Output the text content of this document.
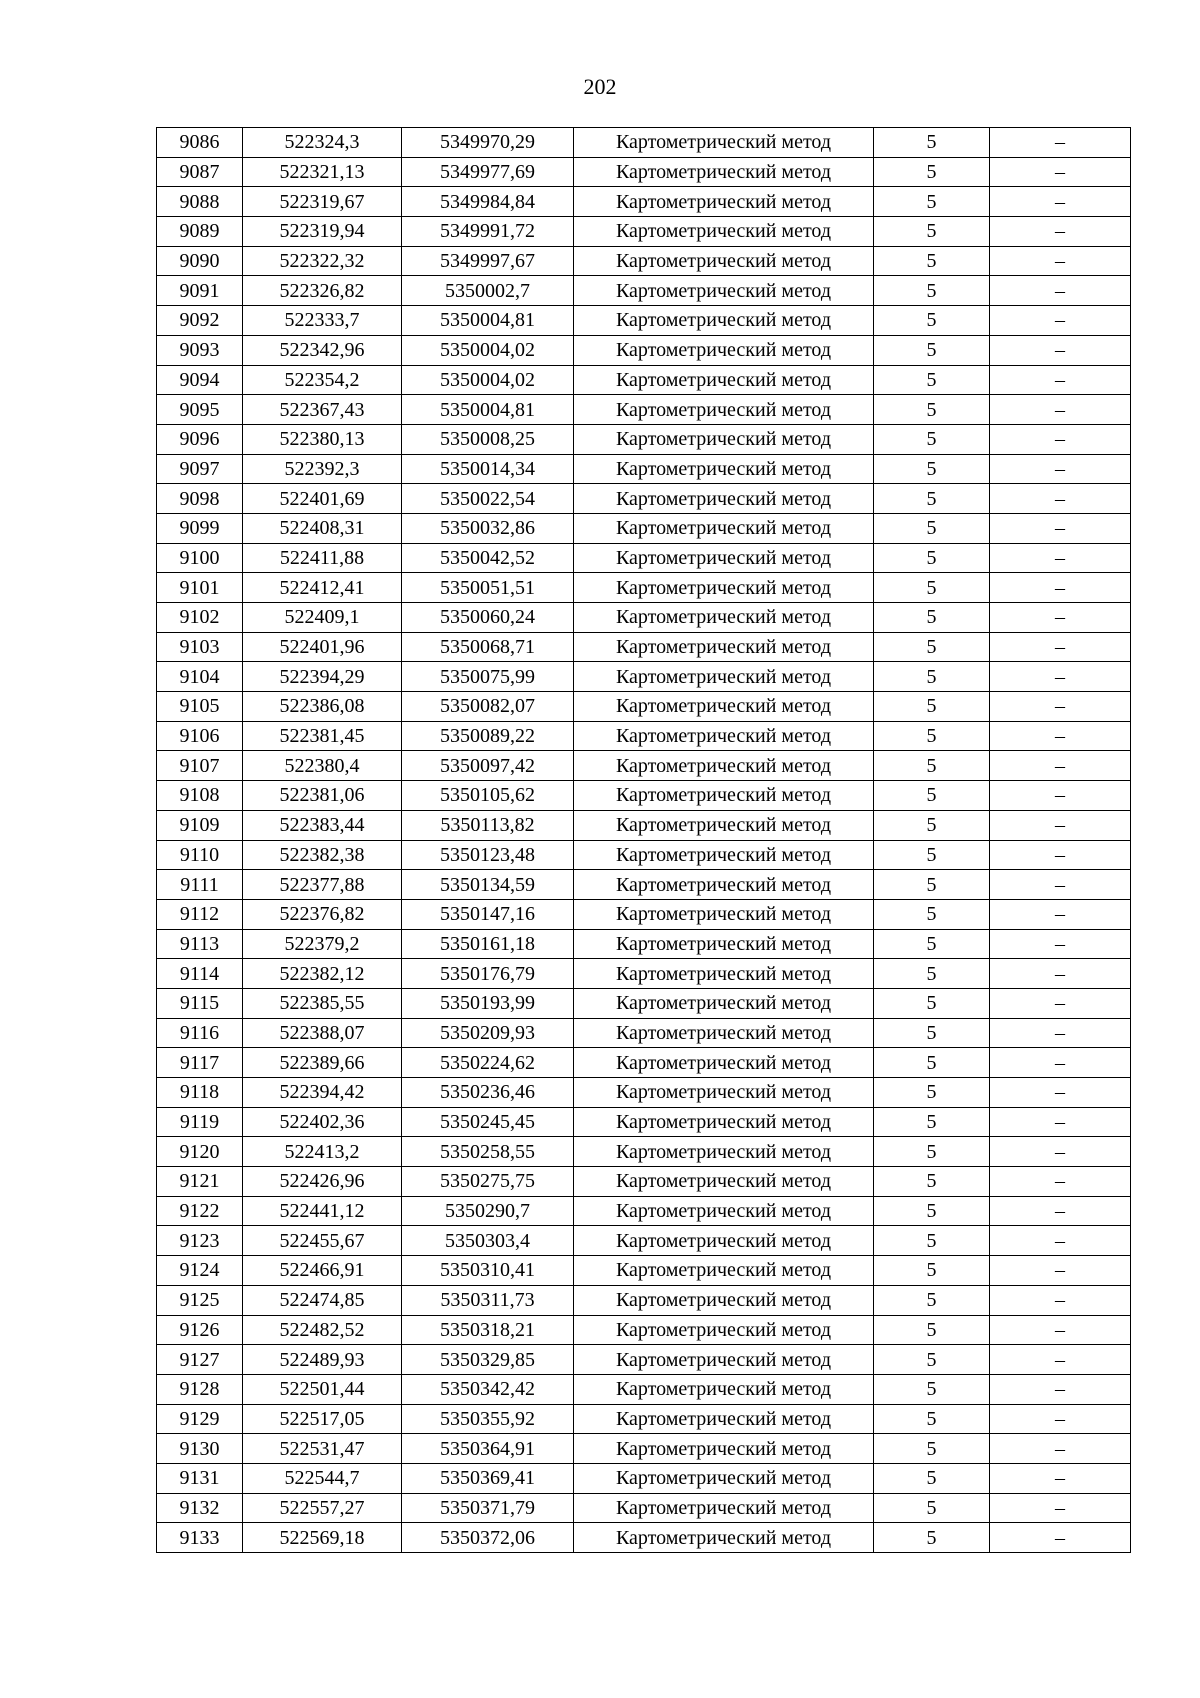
202
9086	522324,3	5349970,29	Картометрический метод	5	–
9087	522321,13	5349977,69	Картометрический метод	5	–
9088	522319,67	5349984,84	Картометрический метод	5	–
9089	522319,94	5349991,72	Картометрический метод	5	–
9090	522322,32	5349997,67	Картометрический метод	5	–
9091	522326,82	5350002,7	Картометрический метод	5	–
9092	522333,7	5350004,81	Картометрический метод	5	–
9093	522342,96	5350004,02	Картометрический метод	5	–
9094	522354,2	5350004,02	Картометрический метод	5	–
9095	522367,43	5350004,81	Картометрический метод	5	–
9096	522380,13	5350008,25	Картометрический метод	5	–
9097	522392,3	5350014,34	Картометрический метод	5	–
9098	522401,69	5350022,54	Картометрический метод	5	–
9099	522408,31	5350032,86	Картометрический метод	5	–
9100	522411,88	5350042,52	Картометрический метод	5	–
9101	522412,41	5350051,51	Картометрический метод	5	–
9102	522409,1	5350060,24	Картометрический метод	5	–
9103	522401,96	5350068,71	Картометрический метод	5	–
9104	522394,29	5350075,99	Картометрический метод	5	–
9105	522386,08	5350082,07	Картометрический метод	5	–
9106	522381,45	5350089,22	Картометрический метод	5	–
9107	522380,4	5350097,42	Картометрический метод	5	–
9108	522381,06	5350105,62	Картометрический метод	5	–
9109	522383,44	5350113,82	Картометрический метод	5	–
9110	522382,38	5350123,48	Картометрический метод	5	–
9111	522377,88	5350134,59	Картометрический метод	5	–
9112	522376,82	5350147,16	Картометрический метод	5	–
9113	522379,2	5350161,18	Картометрический метод	5	–
9114	522382,12	5350176,79	Картометрический метод	5	–
9115	522385,55	5350193,99	Картометрический метод	5	–
9116	522388,07	5350209,93	Картометрический метод	5	–
9117	522389,66	5350224,62	Картометрический метод	5	–
9118	522394,42	5350236,46	Картометрический метод	5	–
9119	522402,36	5350245,45	Картометрический метод	5	–
9120	522413,2	5350258,55	Картометрический метод	5	–
9121	522426,96	5350275,75	Картометрический метод	5	–
9122	522441,12	5350290,7	Картометрический метод	5	–
9123	522455,67	5350303,4	Картометрический метод	5	–
9124	522466,91	5350310,41	Картометрический метод	5	–
9125	522474,85	5350311,73	Картометрический метод	5	–
9126	522482,52	5350318,21	Картометрический метод	5	–
9127	522489,93	5350329,85	Картометрический метод	5	–
9128	522501,44	5350342,42	Картометрический метод	5	–
9129	522517,05	5350355,92	Картометрический метод	5	–
9130	522531,47	5350364,91	Картометрический метод	5	–
9131	522544,7	5350369,41	Картометрический метод	5	–
9132	522557,27	5350371,79	Картометрический метод	5	–
9133	522569,18	5350372,06	Картометрический метод	5	–
